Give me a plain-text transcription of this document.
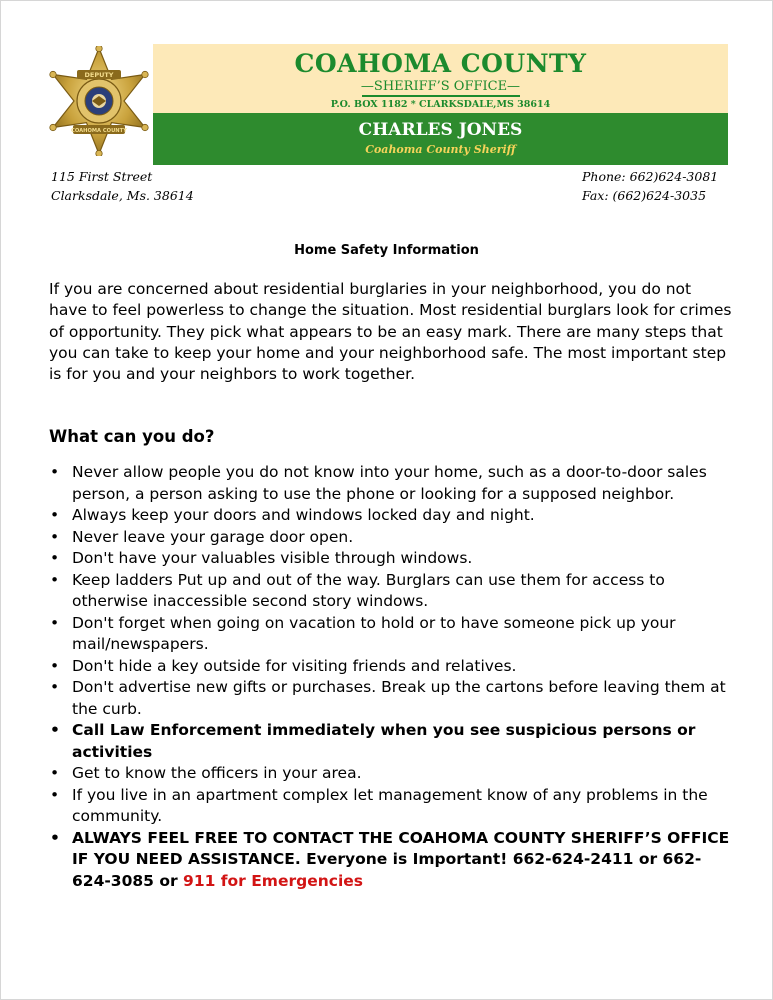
DEPUTY
COAHOMA COUNTY
COAHOMA COUNTY
—SHERIFF’S OFFICE—
P.O. BOX 1182 * CLARKSDALE,MS 38614
CHARLES JONES
Coahoma County Sheriff
115 First Street
Clarksdale, Ms. 38614
Phone: 662)624-3081
Fax: (662)624-3035
Home Safety Information
If you are concerned about residential burglaries in your neighborhood, you do not have to feel powerless to change the situation. Most residential burglars look for crimes of opportunity. They pick what appears to be an easy mark. There are many steps that you can take to keep your home and your neighborhood safe. The most important step is for you and your neighbors to work together.
What can you do?
• Never allow people you do not know into your home, such as a door-to-door sales person, a person asking to use the phone or looking for a supposed neighbor.
• Always keep your doors and windows locked day and night.
• Never leave your garage door open.
• Don't have your valuables visible through windows.
• Keep ladders Put up and out of the way. Burglars can use them for access to otherwise inaccessible second story windows.
• Don't forget when going on vacation to hold or to have someone pick up your mail/newspapers.
• Don't hide a key outside for visiting friends and relatives.
• Don't advertise new gifts or purchases. Break up the cartons before leaving them at the curb.
• Call Law Enforcement immediately when you see suspicious persons or activities
• Get to know the officers in your area.
• If you live in an apartment complex let management know of any problems in the community.
• ALWAYS FEEL FREE TO CONTACT THE COAHOMA COUNTY SHERIFF’S OFFICE IF YOU NEED ASSISTANCE. Everyone is Important! 662-624-2411 or 662-624-3085 or 911 for Emergencies
